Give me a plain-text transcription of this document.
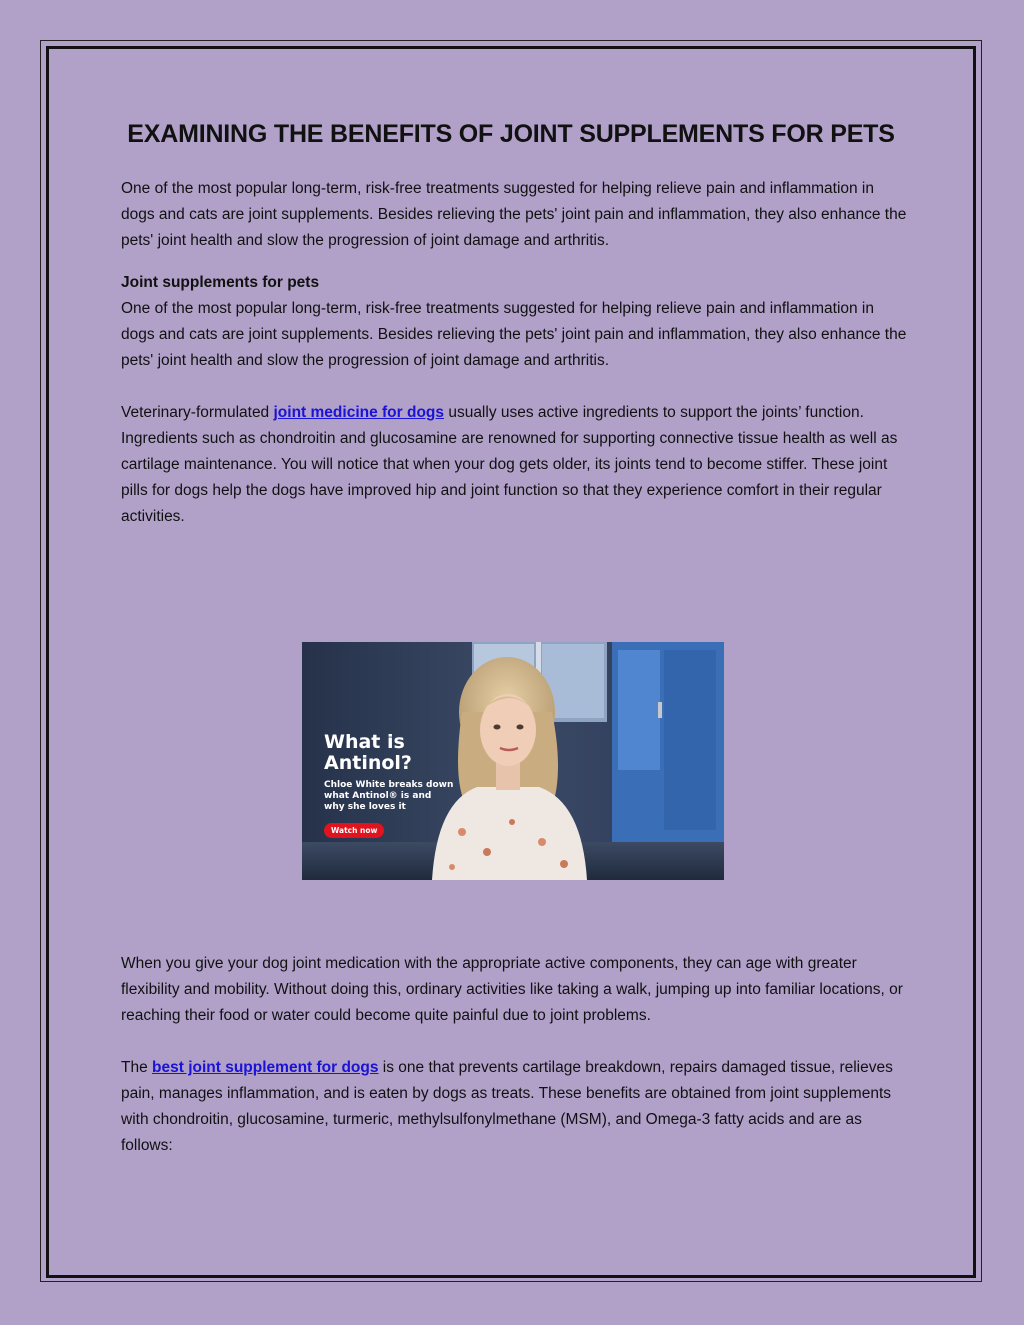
EXAMINING THE BENEFITS OF JOINT SUPPLEMENTS FOR PETS

One of the most popular long-term, risk-free treatments suggested for helping relieve pain and inflammation in dogs and cats are joint supplements. Besides relieving the pets' joint pain and inflammation, they also enhance the pets' joint health and slow the progression of joint damage and arthritis.

Joint supplements for pets
One of the most popular long-term, risk-free treatments suggested for helping relieve pain and inflammation in dogs and cats are joint supplements. Besides relieving the pets' joint pain and inflammation, they also enhance the pets' joint health and slow the progression of joint damage and arthritis.

Veterinary-formulated joint medicine for dogs usually uses active ingredients to support the joints’ function. Ingredients such as chondroitin and glucosamine are renowned for supporting connective tissue health as well as cartilage maintenance. You will notice that when your dog gets older, its joints tend to become stiffer. These joint pills for dogs help the dogs have improved hip and joint function so that they experience comfort in their regular activities.

What is Antinol?

Chloe White breaks down what Antinol® is and why she loves it

Watch now

When you give your dog joint medication with the appropriate active components, they can age with greater flexibility and mobility. Without doing this, ordinary activities like taking a walk, jumping up into familiar locations, or reaching their food or water could become quite painful due to joint problems.

The best joint supplement for dogs is one that prevents cartilage breakdown, repairs damaged tissue, relieves pain, manages inflammation, and is eaten by dogs as treats. These benefits are obtained from joint supplements with chondroitin, glucosamine, turmeric, methylsulfonylmethane (MSM), and Omega-3 fatty acids and are as follows:
